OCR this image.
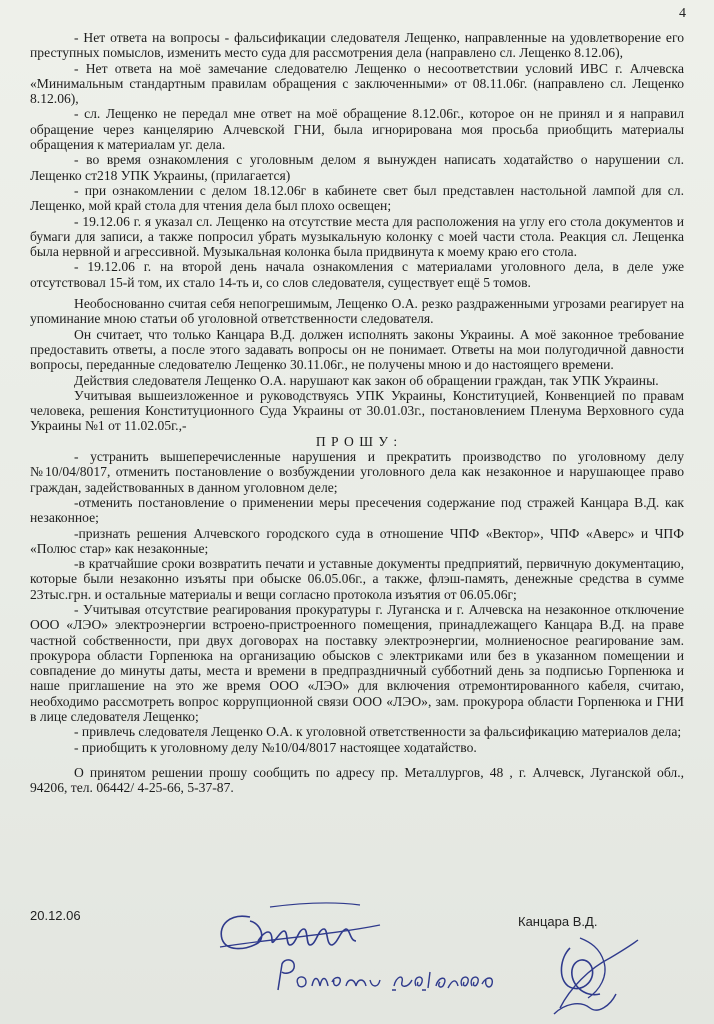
4

- Нет ответа на вопросы - фальсификации следователя Лещенко, направленные на удовлетворение его преступных помыслов, изменить место суда для рассмотрения дела (направлено сл. Лещенко 8.12.06),

- Нет ответа на моё замечание следователю Лещенко о несоответствии условий ИВС г. Алчевска «Минимальным стандартным правилам обращения с заключенными» от 08.11.06г. (направлено сл. Лещенко 8.12.06),

- сл. Лещенко не передал мне ответ на моё обращение 8.12.06г., которое он не принял и я направил обращение через канцелярию Алчевской ГНИ, была игнорирована моя просьба приобщить материалы обращения к материалам уг. дела.

- во время ознакомления с уголовным делом я вынужден написать ходатайство о нарушении сл. Лещенко ст218 УПК Украины, (прилагается)

- при ознакомлении с делом 18.12.06г в кабинете свет был представлен настольной лампой для сл. Лещенко, мой край стола для чтения дела был плохо освещен;

- 19.12.06 г. я указал сл. Лещенко на отсутствие места для расположения на углу его стола документов и бумаги для записи, а также попросил убрать музыкальную колонку с моей части стола. Реакция сл. Лещенка была нервной и агрессивной. Музыкальная колонка была придвинута к моему краю его стола.

- 19.12.06 г. на второй день начала ознакомления с материалами уголовного дела, в деле уже отсутствовал 15-й том, их стало 14-ть и, со слов следователя, существует ещё 5 томов.

Необоснованно считая себя непогрешимым, Лещенко О.А. резко раздраженными угрозами реагирует на упоминание мною статьи об уголовной ответственности следователя.

Он считает, что только Канцара В.Д. должен исполнять законы Украины. А моё законное требование предоставить ответы, а после этого задавать вопросы он не понимает. Ответы на мои полугодичной давности вопросы, переданные следователю Лещенко 30.11.06г., не получены мною и до настоящего времени.

Действия следователя Лещенко О.А. нарушают как закон об обращении граждан, так УПК Украины.

Учитывая вышеизложенное и руководствуясь УПК Украины, Конституцией, Конвенцией по правам человека, решения Конституционного Суда Украины от 30.01.03г., постановлением Пленума Верховного суда Украины №1 от 11.02.05г.,-

П Р О Ш У :

- устранить вышеперечисленные нарушения и прекратить производство по уголовному делу №10/04/8017, отменить постановление о возбуждении уголовного дела как незаконное и нарушающее право граждан, задействованных в данном уголовном деле;

-отменить постановление о применении меры пресечения содержание под стражей Канцара В.Д. как незаконное;

-признать решения Алчевского городского суда в отношение ЧПФ «Вектор», ЧПФ «Аверс» и ЧПФ «Полюс стар» как незаконные;

-в кратчайшие сроки возвратить печати и уставные документы предприятий, первичную документацию, которые были незаконно изъяты при обыске 06.05.06г., а также, флэш-память, денежные средства в сумме 23тыс.грн. и остальные материалы и вещи согласно протокола изъятия от 06.05.06г;

- Учитывая отсутствие реагирования прокуратуры г. Луганска и г. Алчевска на незаконное отключение ООО «ЛЭО» электроэнергии встроено-пристроенного помещения, принадлежащего Канцара В.Д. на праве частной собственности, при двух договорах на поставку электроэнергии, молниеносное реагирование зам. прокурора области Горпенюка на организацию обысков с электриками или без в указанном помещении и совпадение до минуты даты, места и времени в предпраздничный субботний день за подписью Горпенюка и наше приглашение на это же время ООО «ЛЭО» для включения отремонтированного кабеля, считаю, необходимо рассмотреть вопрос коррупционной связи ООО «ЛЭО», зам. прокурора области Горпенюка и ГНИ в лице следователя Лещенко;

- привлечь следователя Лещенко О.А. к уголовной ответственности за фальсификацию материалов дела;

- приобщить к уголовному делу №10/04/8017 настоящее ходатайство.

О принятом решении прошу сообщить по адресу пр. Металлургов, 48 , г. Алчевск, Луганской обл., 94206, тел. 06442/ 4-25-66, 5-37-87.

20.12.06	Канцара В.Д.
